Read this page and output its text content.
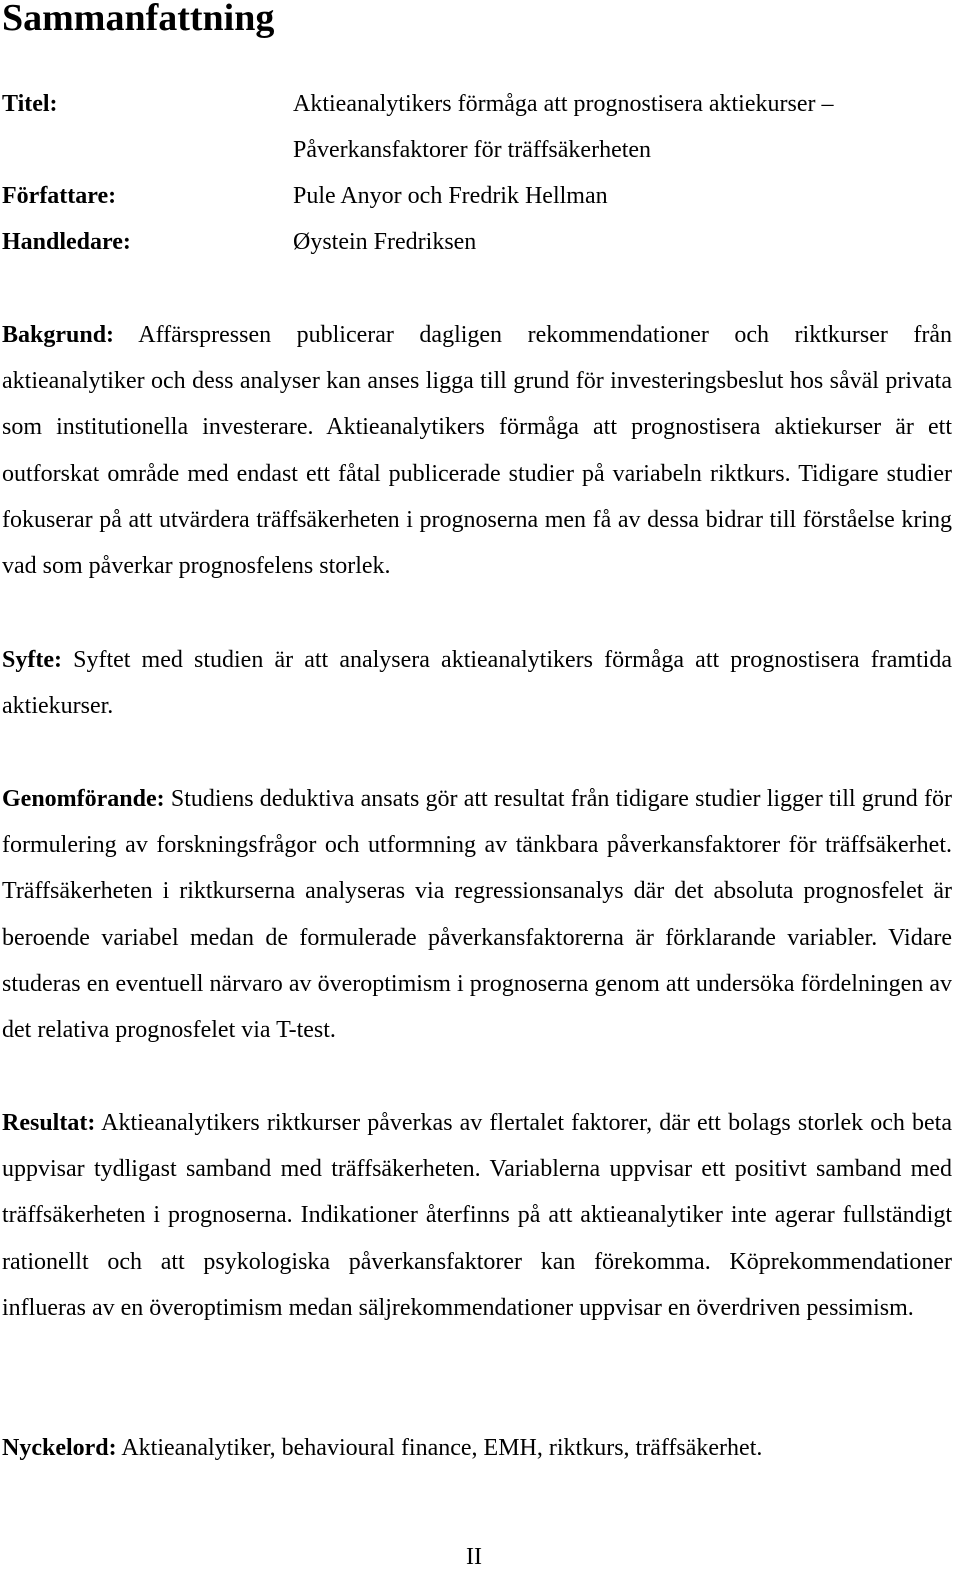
Sammanfattning
Titel:	Aktieanalytikers förmåga att prognostisera aktiekurser –
Påverkansfaktorer för träffsäkerheten
Författare:	Pule Anyor och Fredrik Hellman
Handledare:	Øystein Fredriksen

Bakgrund: Affärspressen publicerar dagligen rekommendationer och riktkurser från aktieanalytiker och dess analyser kan anses ligga till grund för investeringsbeslut hos såväl privata som institutionella investerare. Aktieanalytikers förmåga att prognostisera aktiekurser är ett outforskat område med endast ett fåtal publicerade studier på variabeln riktkurs. Tidigare studier fokuserar på att utvärdera träffsäkerheten i prognoserna men få av dessa bidrar till förståelse kring vad som påverkar prognosfelens storlek.

Syfte: Syftet med studien är att analysera aktieanalytikers förmåga att prognostisera framtida aktiekurser.

Genomförande: Studiens deduktiva ansats gör att resultat från tidigare studier ligger till grund för formulering av forskningsfrågor och utformning av tänkbara påverkansfaktorer för träffsäkerhet. Träffsäkerheten i riktkurserna analyseras via regressionsanalys där det absoluta prognosfelet är beroende variabel medan de formulerade påverkansfaktorerna är förklarande variabler. Vidare studeras en eventuell närvaro av överoptimism i prognoserna genom att undersöka fördelningen av det relativa prognosfelet via T-test.

Resultat: Aktieanalytikers riktkurser påverkas av flertalet faktorer, där ett bolags storlek och beta uppvisar tydligast samband med träffsäkerheten. Variablerna uppvisar ett positivt samband med träffsäkerheten i prognoserna. Indikationer återfinns på att aktieanalytiker inte agerar fullständigt rationellt och att psykologiska påverkansfaktorer kan förekomma. Köprekommendationer influeras av en överoptimism medan säljrekommendationer uppvisar en överdriven pessimism.

Nyckelord: Aktieanalytiker, behavioural finance, EMH, riktkurs, träffsäkerhet.

II
